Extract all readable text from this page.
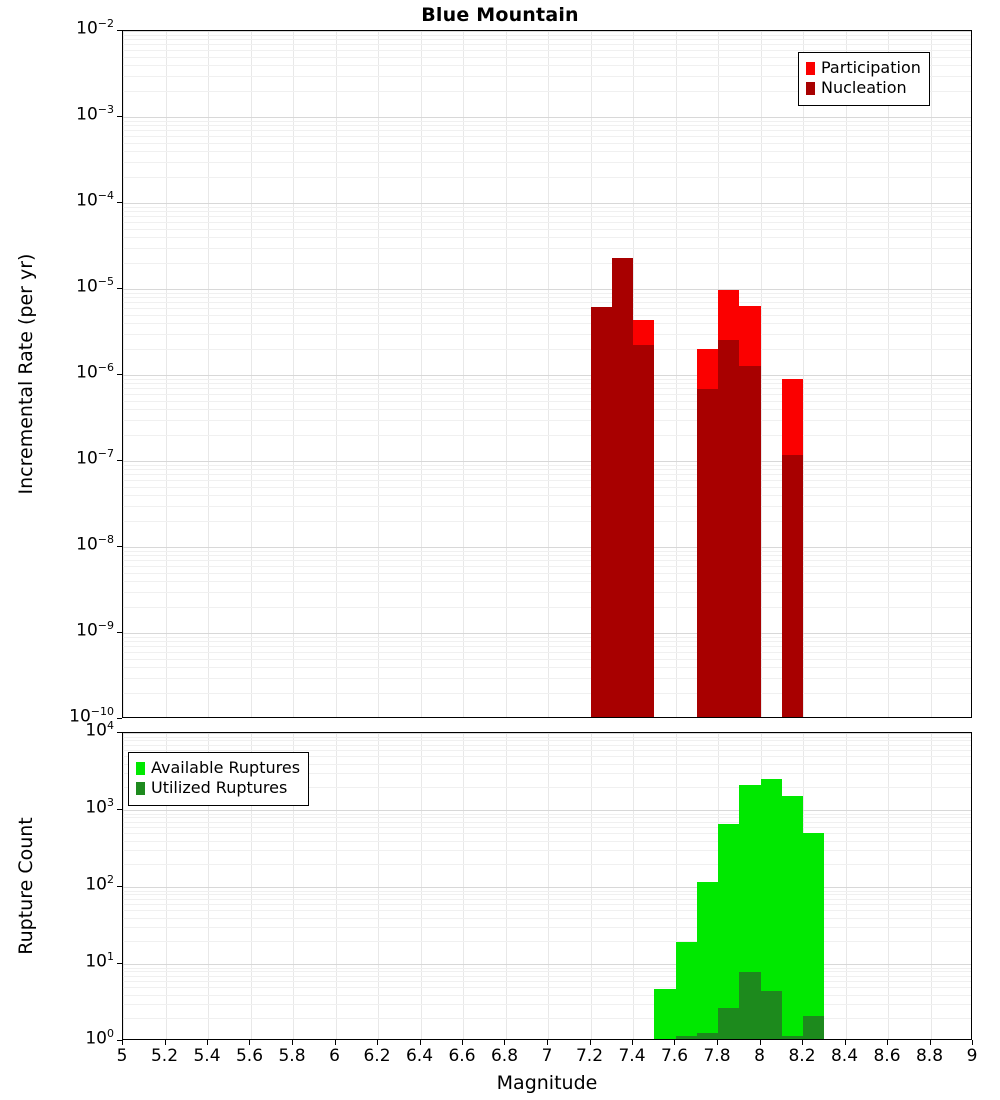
Blue Mountain
Incremental Rate (per yr)
Participation
Nucleation
Rupture Count
Available Ruptures
Utilized Ruptures
Magnitude
$10^{-2}$
$10^{-3}$
$10^{-4}$
$10^{-5}$
$10^{-6}$
$10^{-7}$
$10^{-8}$
$10^{-9}$
$10^{-10}$
$10^4$
$10^3$
$10^2$
$10^1$
$10^0$
5	5.2 5.4 5.6 5.8	6	6.2 6.4 6.6 6.8	7	7.2 7.4 7.6 7.8	8	8.2 8.4 8.6 8.8	9
